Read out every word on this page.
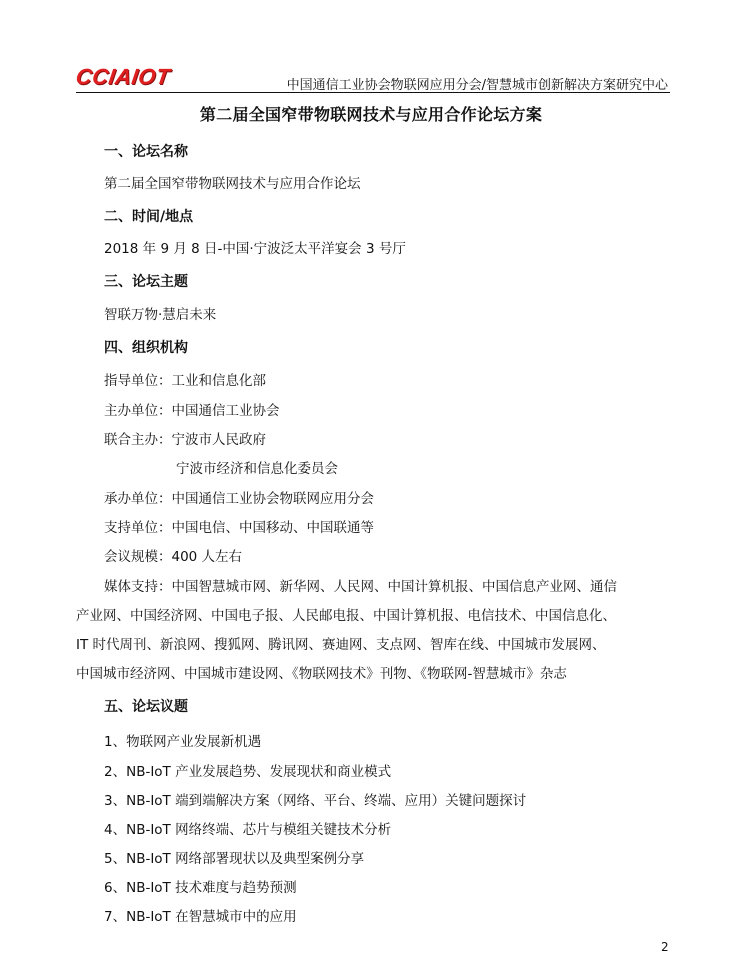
CCIAIOT	中国通信工业协会物联网应用分会/智慧城市创新解决方案研究中心
第二届全国窄带物联网技术与应用合作论坛方案
一、论坛名称
第二届全国窄带物联网技术与应用合作论坛
二、时间/地点
2018 年 9 月 8 日-中国·宁波泛太平洋宴会 3 号厅
三、论坛主题
智联万物·慧启未来
四、组织机构
指导单位：工业和信息化部
主办单位：中国通信工业协会
联合主办：宁波市人民政府
宁波市经济和信息化委员会
承办单位：中国通信工业协会物联网应用分会
支持单位：中国电信、中国移动、中国联通等
会议规模：400 人左右
媒体支持：中国智慧城市网、新华网、人民网、中国计算机报、中国信息产业网、通信
产业网、中国经济网、中国电子报、人民邮电报、中国计算机报、电信技术、中国信息化、
IT 时代周刊、新浪网、搜狐网、腾讯网、赛迪网、支点网、智库在线、中国城市发展网、
中国城市经济网、中国城市建设网、《物联网技术》刊物、《物联网-智慧城市》杂志
五、论坛议题
1、物联网产业发展新机遇
2、NB-IoT 产业发展趋势、发展现状和商业模式
3、NB-IoT 端到端解决方案（网络、平台、终端、应用）关键问题探讨
4、NB-IoT 网络终端、芯片与模组关键技术分析
5、NB-IoT 网络部署现状以及典型案例分享
6、NB-IoT 技术难度与趋势预测
7、NB-IoT 在智慧城市中的应用
2
